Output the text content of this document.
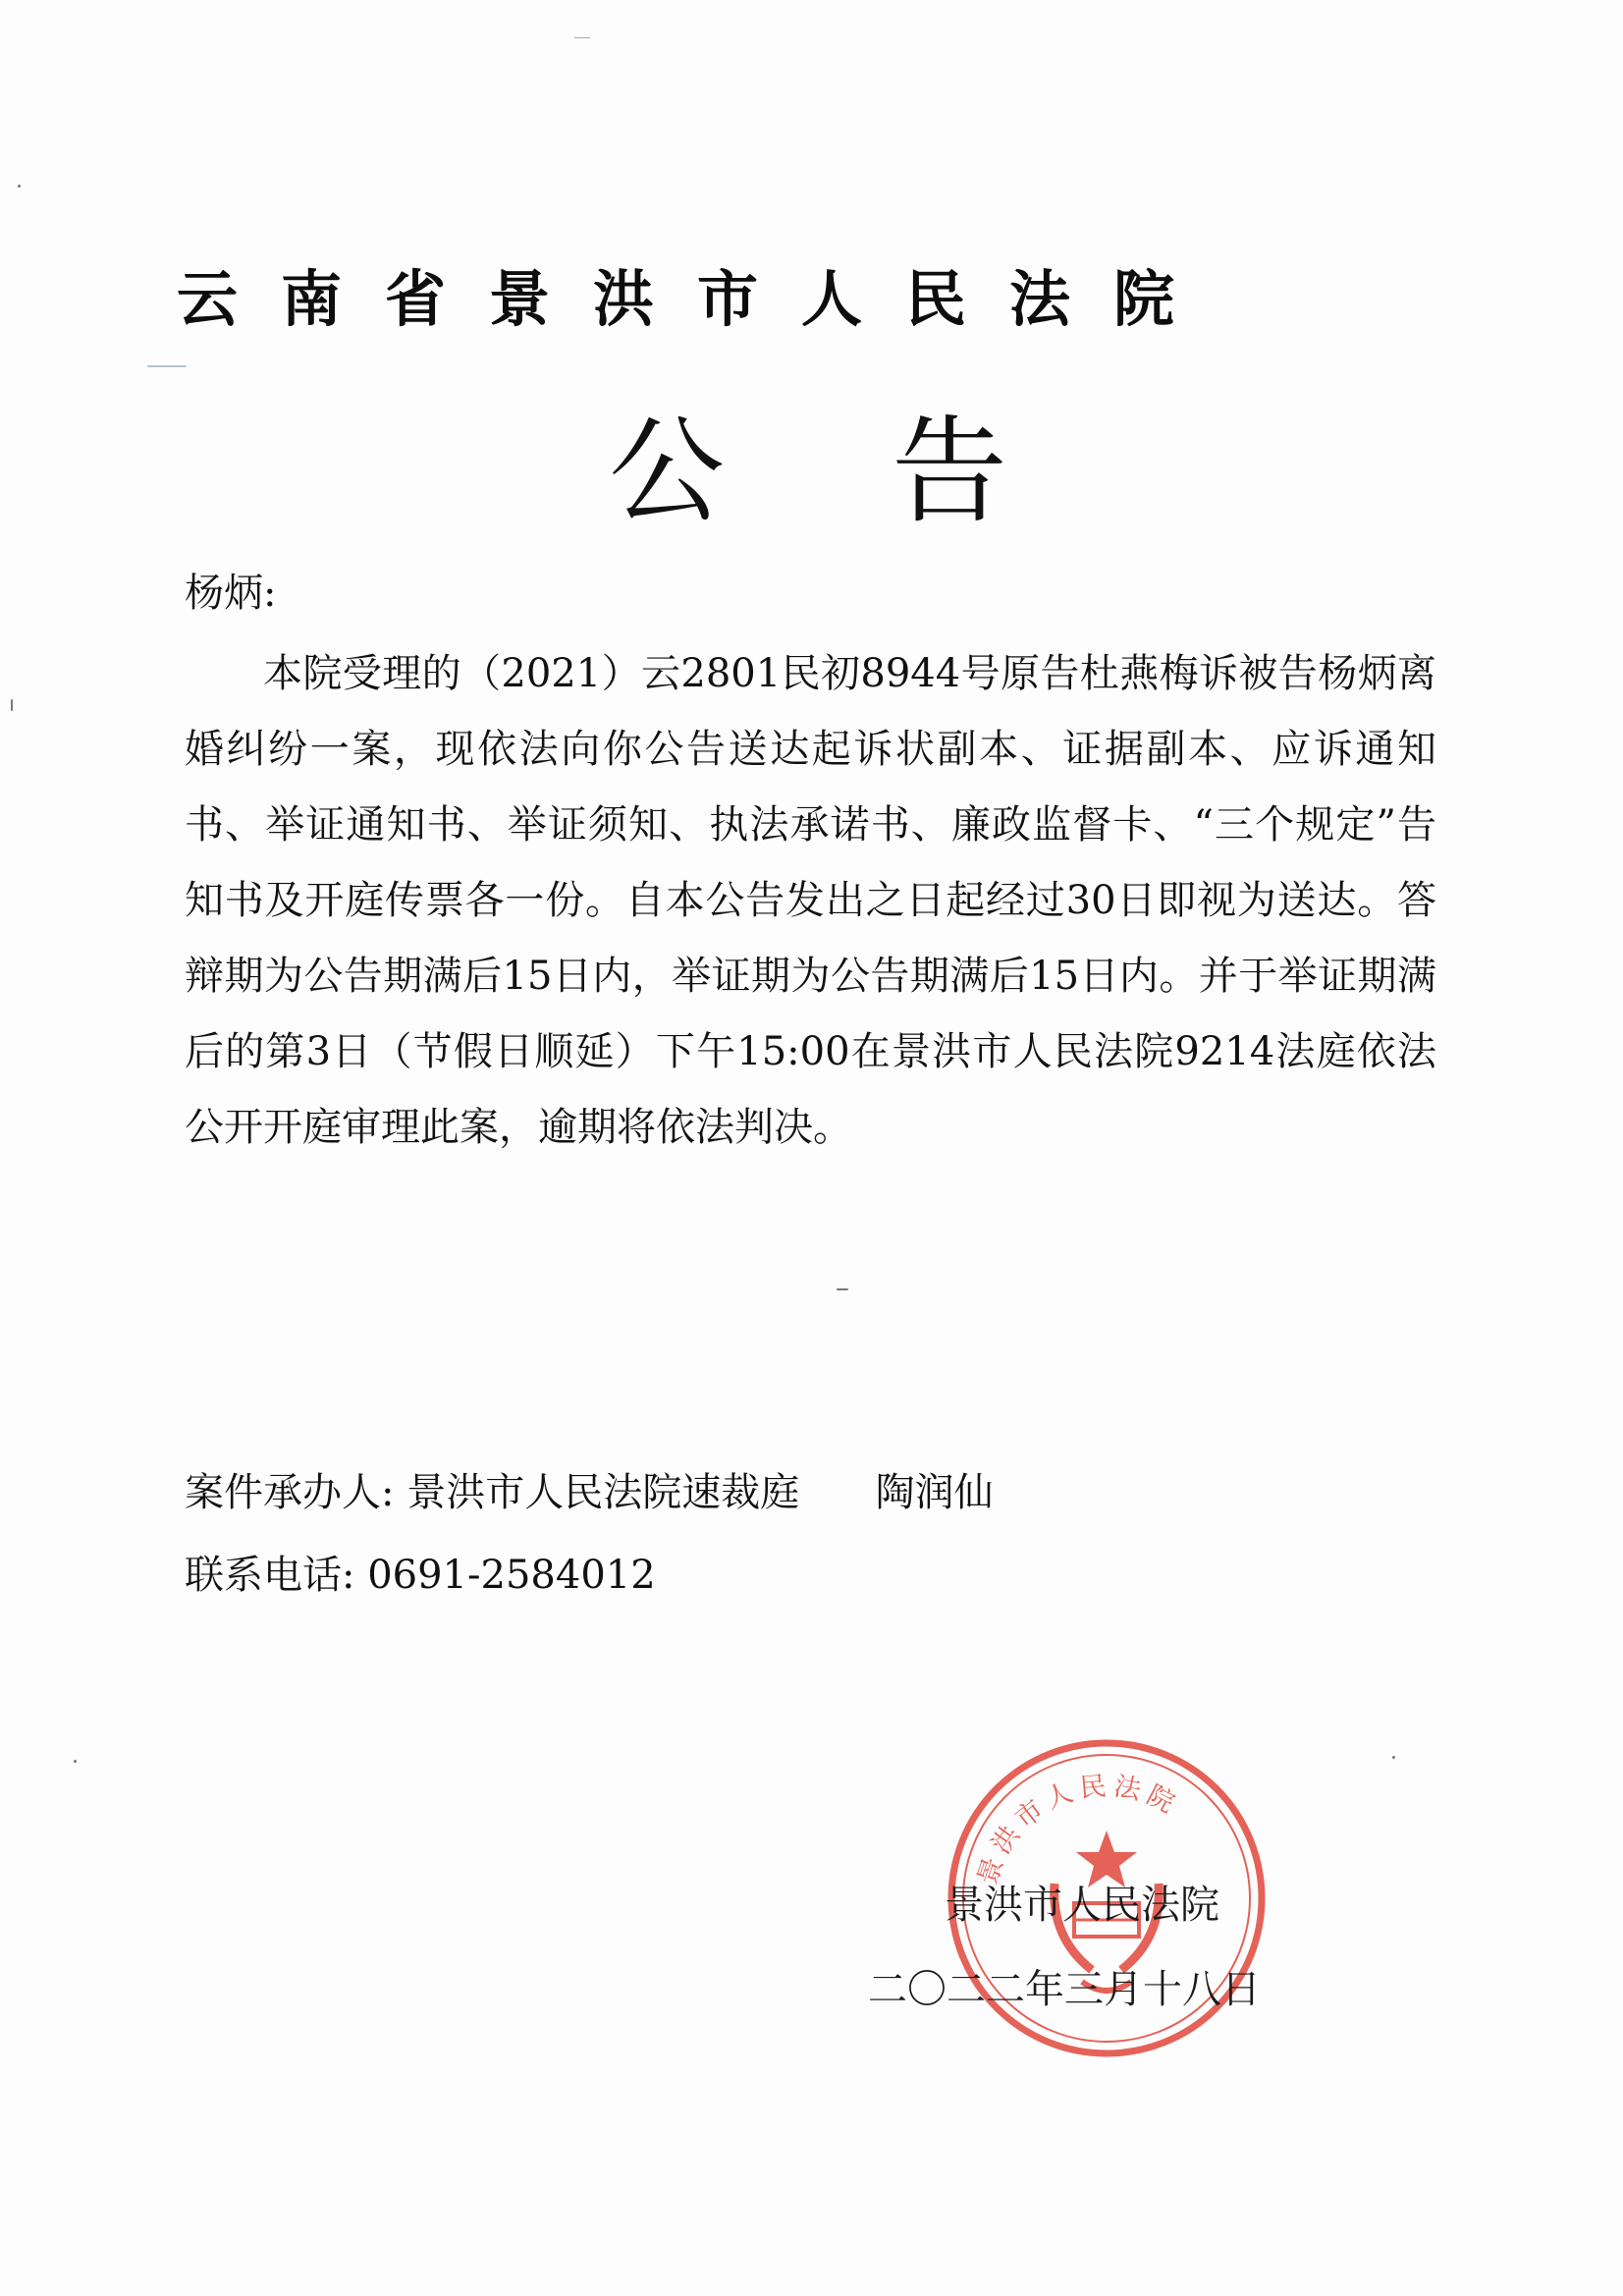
云南省景洪市人民法院
公告
杨炳:
本院受理的（2021）云2801民初8944号原告杜燕梅诉被告杨炳离婚纠纷一案，现依法向你公告送达起诉状副本、证据副本、应诉通知书、举证通知书、举证须知、执法承诺书、廉政监督卡、“三个规定”告知书及开庭传票各一份。自本公告发出之日起经过30日即视为送达。答辩期为公告期满后15日内，举证期为公告期满后15日内。并于举证期满后的第3日（节假日顺延）下午15:00在景洪市人民法院9214法庭依法公开开庭审理此案，逾期将依法判决。
案件承办人: 景洪市人民法院速裁庭 陶润仙
联系电话: 0691-2584012
景洪市人民法院
景洪市人民法院
二〇二二年三月十八日
